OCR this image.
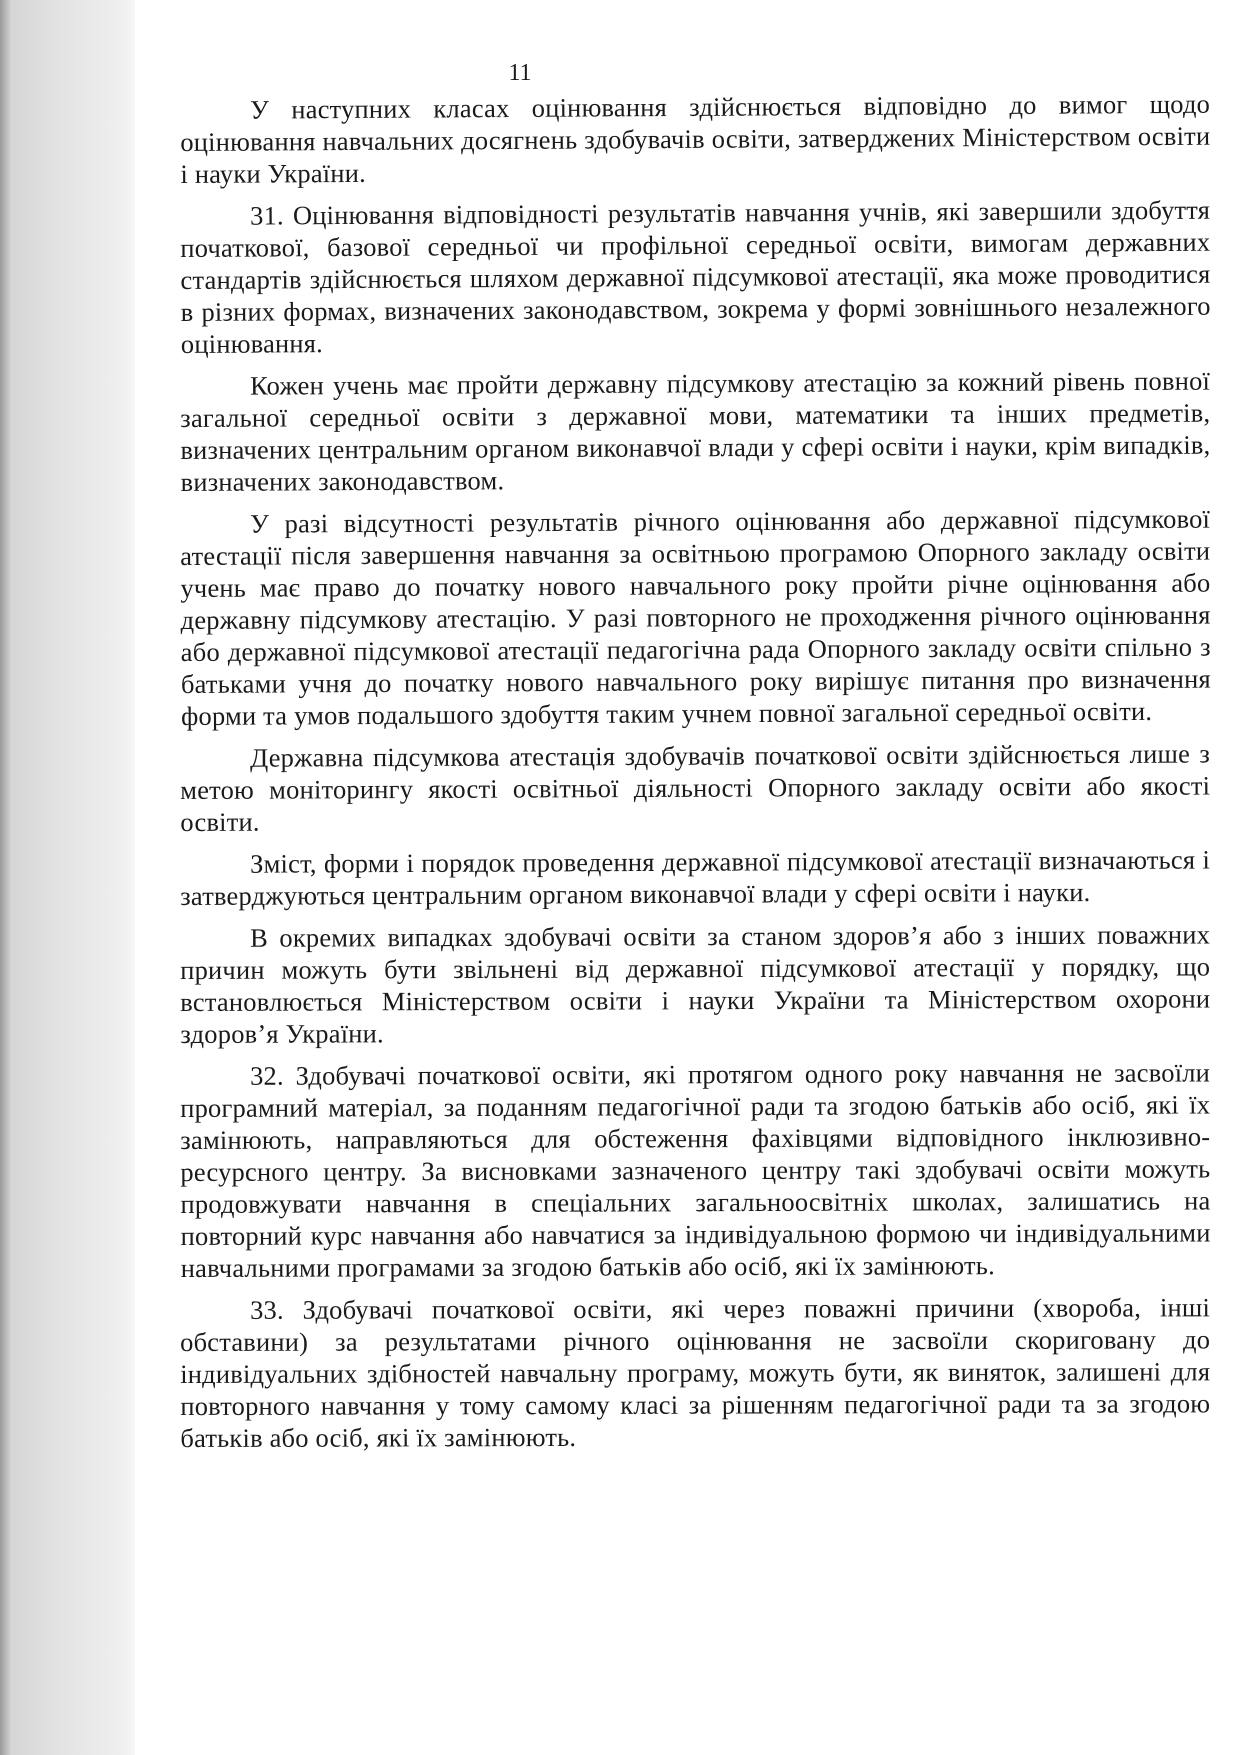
11

У наступних класах оцінювання здійснюється відповідно до вимог щодо оцінювання навчальних досягнень здобувачів освіти, затверджених Міністерством освіти і науки України.

31. Оцінювання відповідності результатів навчання учнів, які завершили здобуття початкової, базової середньої чи профільної середньої освіти, вимогам державних стандартів здійснюється шляхом державної підсумкової атестації, яка може проводитися в різних формах, визначених законодавством, зокрема у формі зовнішнього незалежного оцінювання.

Кожен учень має пройти державну підсумкову атестацію за кожний рівень повної загальної середньої освіти з державної мови, математики та інших предметів, визначених центральним органом виконавчої влади у сфері освіти і науки, крім випадків, визначених законодавством.

У разі відсутності результатів річного оцінювання або державної підсумкової атестації після завершення навчання за освітньою програмою Опорного закладу освіти учень має право до початку нового навчального року пройти річне оцінювання або державну підсумкову атестацію. У разі повторного не проходження річного оцінювання або державної підсумкової атестації педагогічна рада Опорного закладу освіти спільно з батьками учня до початку нового навчального року вирішує питання про визначення форми та умов подальшого здобуття таким учнем повної загальної середньої освіти.

Державна підсумкова атестація здобувачів початкової освіти здійснюється лише з метою моніторингу якості освітньої діяльності Опорного закладу освіти або якості освіти.

Зміст, форми і порядок проведення державної підсумкової атестації визначаються і затверджуються центральним органом виконавчої влади у сфері освіти і науки.

В окремих випадках здобувачі освіти за станом здоров’я або з інших поважних причин можуть бути звільнені від державної підсумкової атестації у порядку, що встановлюється Міністерством освіти і науки України та Міністерством охорони здоров’я України.

32. Здобувачі початкової освіти, які протягом одного року навчання не засвоїли програмний матеріал, за поданням педагогічної ради та згодою батьків або осіб, які їх замінюють, направляються для обстеження фахівцями відповідного інклюзивно-ресурсного центру. За висновками зазначеного центру такі здобувачі освіти можуть продовжувати навчання в спеціальних загальноосвітніх школах, залишатись на повторний курс навчання або навчатися за індивідуальною формою чи індивідуальними навчальними програмами за згодою батьків або осіб, які їх замінюють.

33. Здобувачі початкової освіти, які через поважні причини (хвороба, інші обставини) за результатами річного оцінювання не засвоїли скориговану до індивідуальних здібностей навчальну програму, можуть бути, як виняток, залишені для повторного навчання у тому самому класі за рішенням педагогічної ради та за згодою батьків або осіб, які їх замінюють.
